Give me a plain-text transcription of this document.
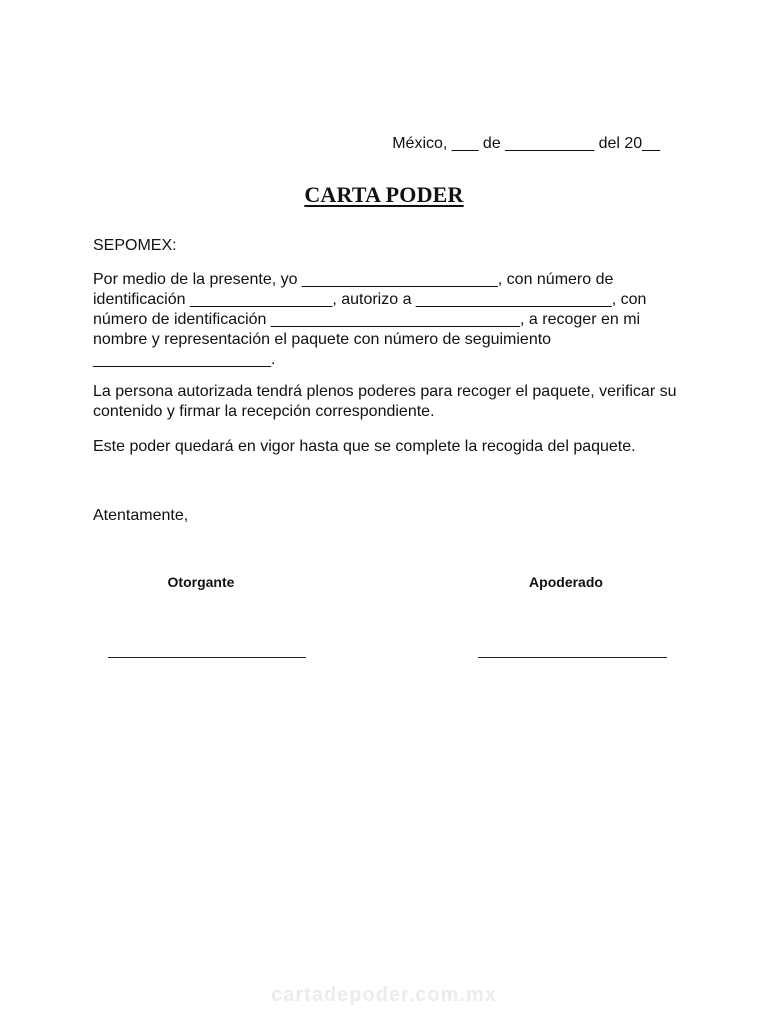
México, ___ de __________ del 20__
CARTA PODER
SEPOMEX:
Por medio de la presente, yo ______________________, con número de identificación ________________, autorizo a ______________________, con número de identificación ____________________________, a recoger en mi nombre y representación el paquete con número de seguimiento ____________________.
La persona autorizada tendrá plenos poderes para recoger el paquete, verificar su contenido y firmar la recepción correspondiente.
Este poder quedará en vigor hasta que se complete la recogida del paquete.
Atentamente,
Otorgante	Apoderado
cartadepoder.com.mx
